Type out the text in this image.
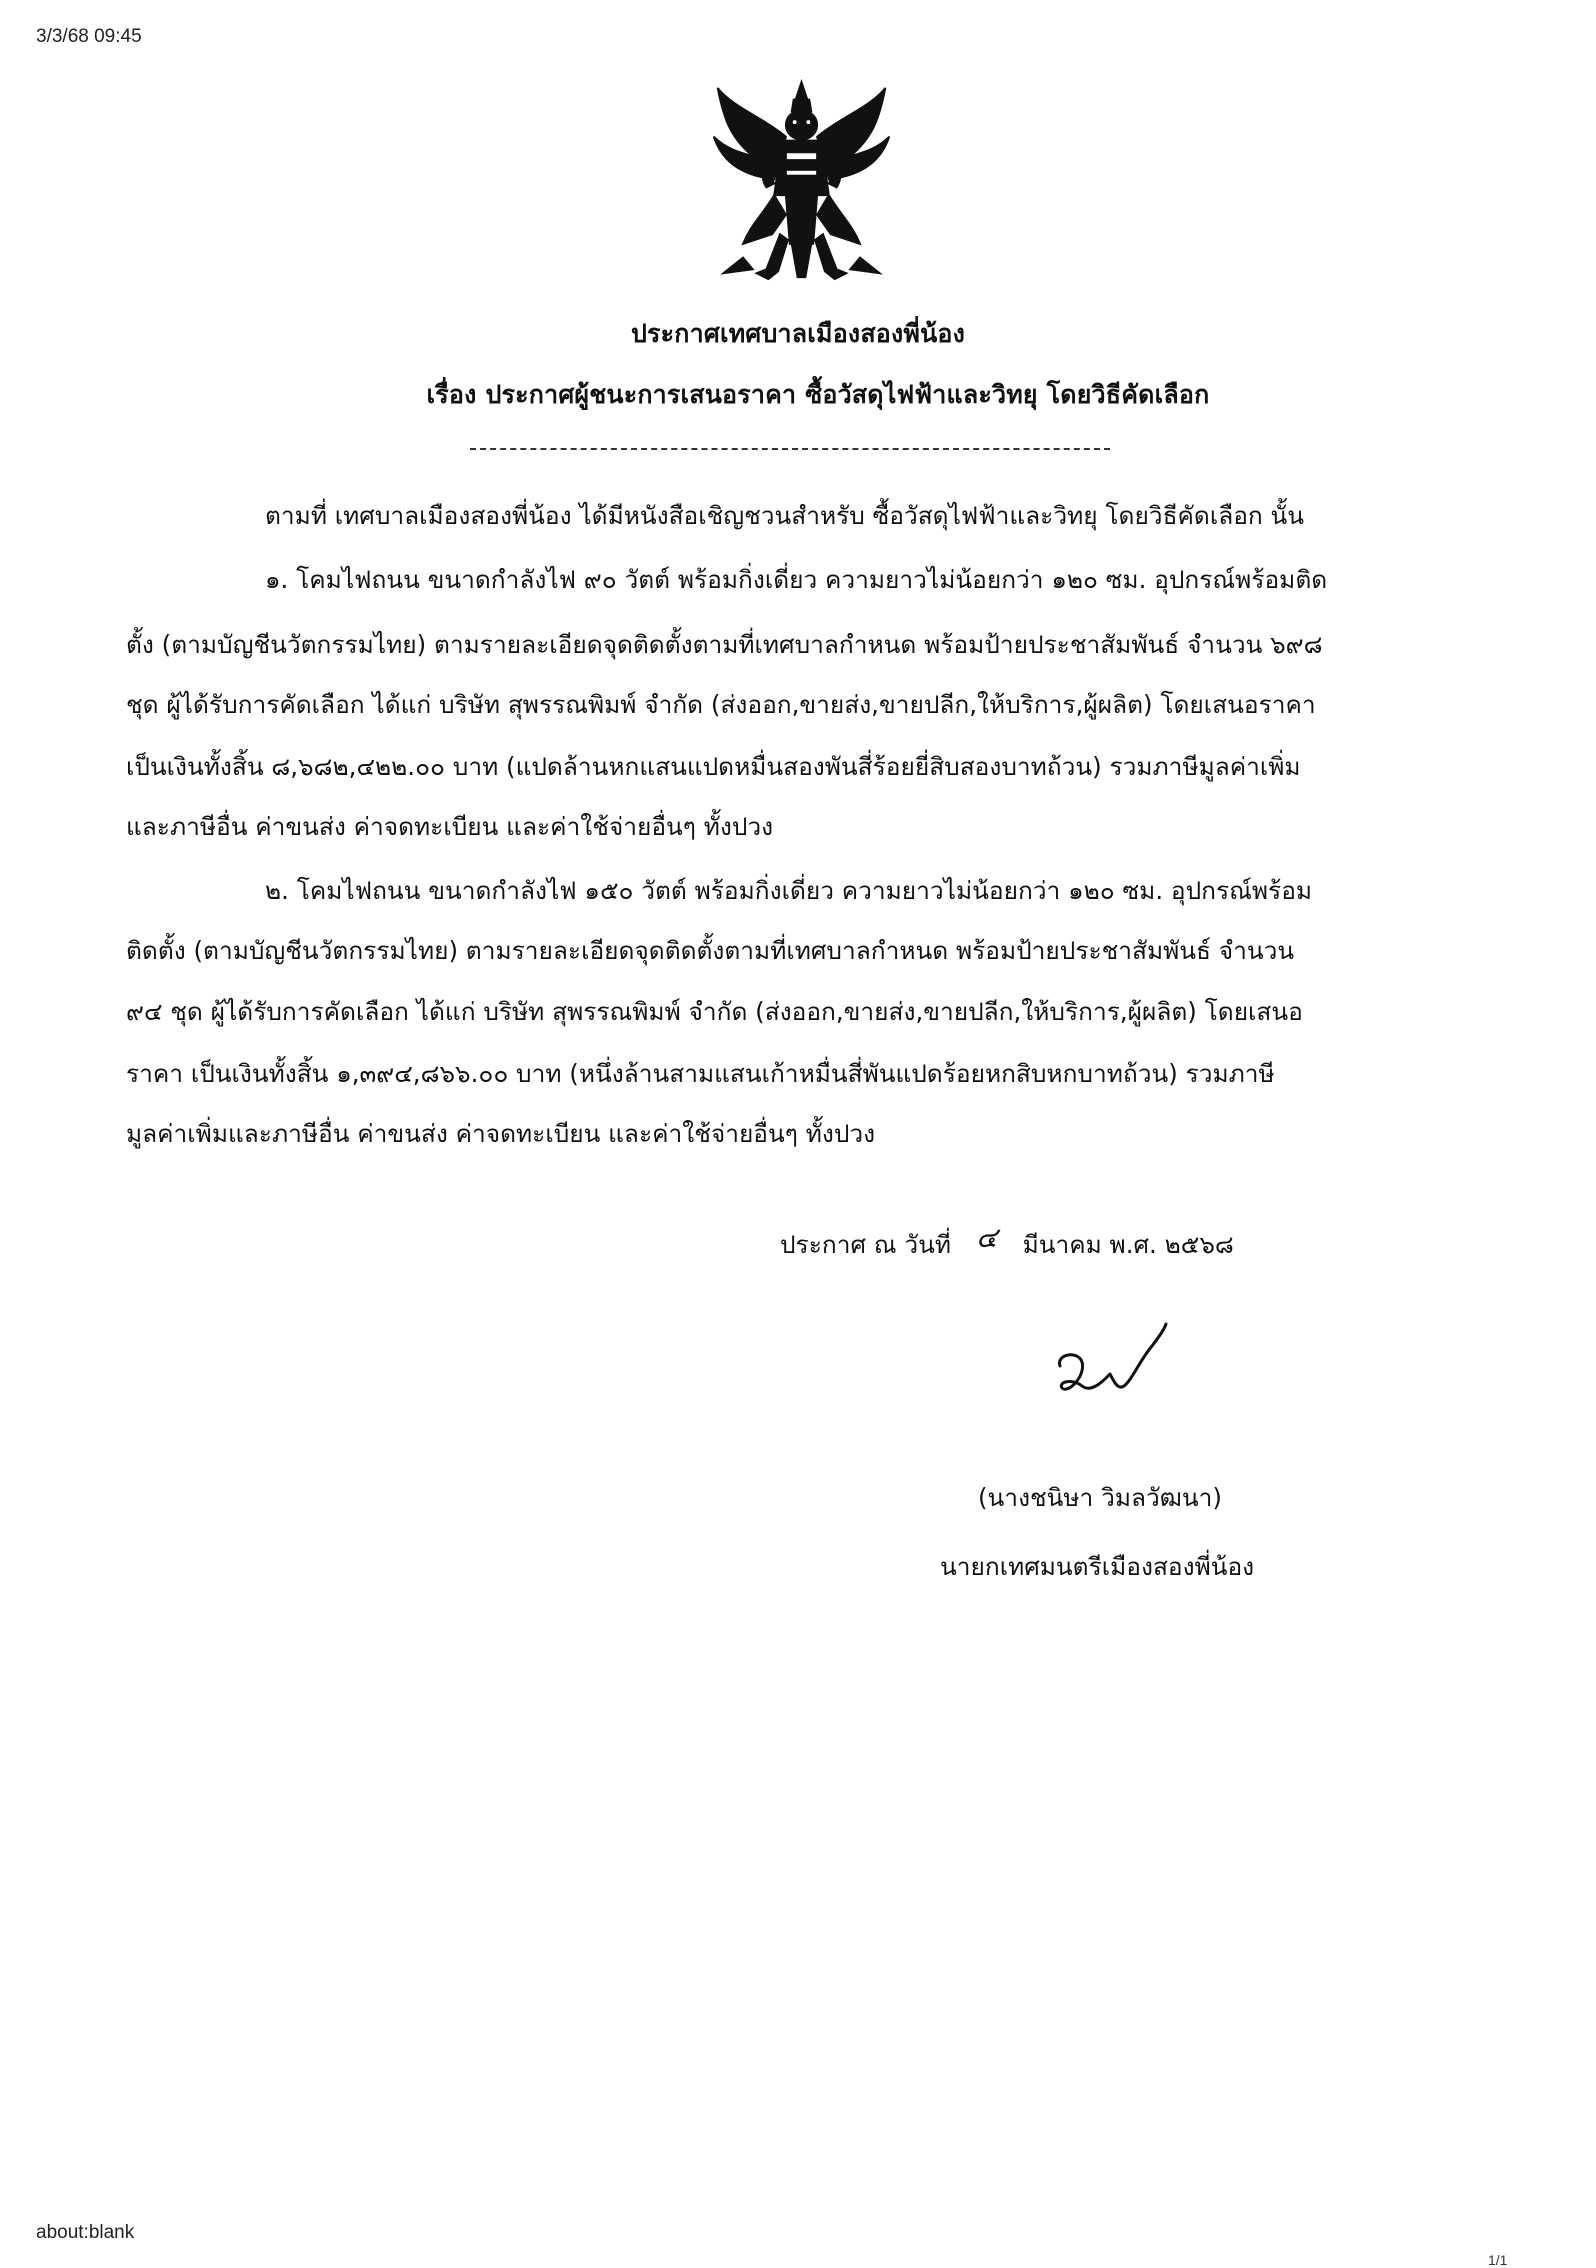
3/3/68 09:45
ประกาศเทศบาลเมืองสองพี่น้อง
เรื่อง ประกาศผู้ชนะการเสนอราคา ซื้อวัสดุไฟฟ้าและวิทยุ โดยวิธีคัดเลือก
ตามที่ เทศบาลเมืองสองพี่น้อง ได้มีหนังสือเชิญชวนสำหรับ ซื้อวัสดุไฟฟ้าและวิทยุ โดยวิธีคัดเลือก นั้น
๑. โคมไฟถนน ขนาดกำลังไฟ ๙๐ วัตต์ พร้อมกิ่งเดี่ยว ความยาวไม่น้อยกว่า ๑๒๐ ซม. อุปกรณ์พร้อมติด
ตั้ง (ตามบัญชีนวัตกรรมไทย) ตามรายละเอียดจุดติดตั้งตามที่เทศบาลกำหนด พร้อมป้ายประชาสัมพันธ์ จำนวน ๖๙๘
ชุด ผู้ได้รับการคัดเลือก ได้แก่ บริษัท สุพรรณพิมพ์ จำกัด (ส่งออก,ขายส่ง,ขายปลีก,ให้บริการ,ผู้ผลิต) โดยเสนอราคา
เป็นเงินทั้งสิ้น ๘,๖๘๒,๔๒๒.๐๐ บาท (แปดล้านหกแสนแปดหมื่นสองพันสี่ร้อยยี่สิบสองบาทถ้วน) รวมภาษีมูลค่าเพิ่ม
และภาษีอื่น ค่าขนส่ง ค่าจดทะเบียน และค่าใช้จ่ายอื่นๆ ทั้งปวง
๒. โคมไฟถนน ขนาดกำลังไฟ ๑๕๐ วัตต์ พร้อมกิ่งเดี่ยว ความยาวไม่น้อยกว่า ๑๒๐ ซม. อุปกรณ์พร้อม
ติดตั้ง (ตามบัญชีนวัตกรรมไทย) ตามรายละเอียดจุดติดตั้งตามที่เทศบาลกำหนด พร้อมป้ายประชาสัมพันธ์ จำนวน
๙๔ ชุด ผู้ได้รับการคัดเลือก ได้แก่ บริษัท สุพรรณพิมพ์ จำกัด (ส่งออก,ขายส่ง,ขายปลีก,ให้บริการ,ผู้ผลิต) โดยเสนอ
ราคา เป็นเงินทั้งสิ้น ๑,๓๙๔,๘๖๖.๐๐ บาท (หนึ่งล้านสามแสนเก้าหมื่นสี่พันแปดร้อยหกสิบหกบาทถ้วน) รวมภาษี
มูลค่าเพิ่มและภาษีอื่น ค่าขนส่ง ค่าจดทะเบียน และค่าใช้จ่ายอื่นๆ ทั้งปวง
ประกาศ ณ วันที่ ๔ มีนาคม พ.ศ. ๒๕๖๘
(นางชนิษา วิมลวัฒนา)
นายกเทศมนตรีเมืองสองพี่น้อง
about:blank
1/1
